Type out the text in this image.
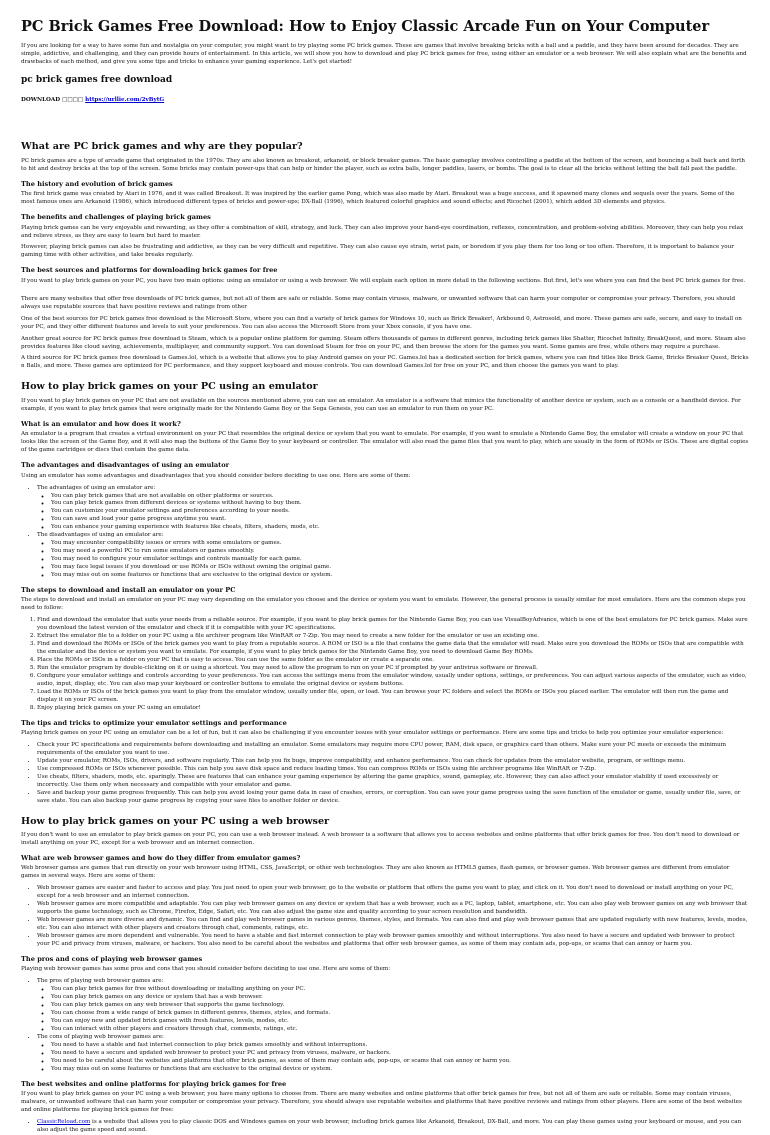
PC Brick Games Free Download: How to Enjoy Classic Arcade Fun on Your Computer

If you are looking for a way to have some fun and nostalgia on your computer, you might want to try playing some PC brick games. These are games that involve breaking bricks with a ball and a paddle, and they have been around for decades. They are simple, addictive, and challenging, and they can provide hours of entertainment. In this article, we will show you how to download and play PC brick games for free, using either an emulator or a web browser. We will also explain what are the benefits and drawbacks of each method, and give you some tips and tricks to enhance your gaming experience. Let's get started!

pc brick games free download
DOWNLOAD □□□□ https://urllie.com/2vBytG
What are PC brick games and why are they popular?

PC brick games are a type of arcade game that originated in the 1970s. They are also known as breakout, arkanoid, or block breaker games. The basic gameplay involves controlling a paddle at the bottom of the screen, and bouncing a ball back and forth to hit and destroy bricks at the top of the screen. Some bricks may contain power-ups that can help or hinder the player, such as extra balls, longer paddles, lasers, or bombs. The goal is to clear all the bricks without letting the ball fall past the paddle.

The history and evolution of brick games

The first brick game was created by Atari in 1976, and it was called Breakout. It was inspired by the earlier game Pong, which was also made by Atari. Breakout was a huge success, and it spawned many clones and sequels over the years. Some of the most famous ones are Arkanoid (1986), which introduced different types of bricks and power-ups; DX-Ball (1996), which featured colorful graphics and sound effects; and Ricochet (2001), which added 3D elements and physics.

The benefits and challenges of playing brick games

Playing brick games can be very enjoyable and rewarding, as they offer a combination of skill, strategy, and luck. They can also improve your hand-eye coordination, reflexes, concentration, and problem-solving abilities. Moreover, they can help you relax and relieve stress, as they are easy to learn but hard to master.

However, playing brick games can also be frustrating and addictive, as they can be very difficult and repetitive. They can also cause eye strain, wrist pain, or boredom if you play them for too long or too often. Therefore, it is important to balance your gaming time with other activities, and take breaks regularly.

The best sources and platforms for downloading brick games for free

If you want to play brick games on your PC, you have two main options: using an emulator or using a web browser. We will explain each option in more detail in the following sections. But first, let's see where you can find the best PC brick games for free.

There are many websites that offer free downloads of PC brick games, but not all of them are safe or reliable. Some may contain viruses, malware, or unwanted software that can harm your computer or compromise your privacy. Therefore, you should always use reputable sources that have positive reviews and ratings from other

One of the best sources for PC brick games free download is the Microsoft Store, where you can find a variety of brick games for Windows 10, such as Brick Breaker!, Arkbound 0, Astrosold, and more. These games are safe, secure, and easy to install on your PC, and they offer different features and levels to suit your preferences. You can also access the Microsoft Store from your Xbox console, if you have one.

Another great source for PC brick games free download is Steam, which is a popular online platform for gaming. Steam offers thousands of games in different genres, including brick games like Shatter, Ricochet Infinity, BreakQuest, and more. Steam also provides features like cloud saving, achievements, multiplayer, and community support. You can download Steam for free on your PC, and then browse the store for the games you want. Some games are free, while others may require a purchase.

A third source for PC brick games free download is Games.lol, which is a website that allows you to play Android games on your PC. Games.lol has a dedicated section for brick games, where you can find titles like Brick Game, Bricks Breaker Quest, Bricks n Balls, and more. These games are optimized for PC performance, and they support keyboard and mouse controls. You can download Games.lol for free on your PC, and then choose the games you want to play.

How to play brick games on your PC using an emulator

If you want to play brick games on your PC that are not available on the sources mentioned above, you can use an emulator. An emulator is a software that mimics the functionality of another device or system, such as a console or a handheld device. For example, if you want to play brick games that were originally made for the Nintendo Game Boy or the Sega Genesis, you can use an emulator to run them on your PC.

What is an emulator and how does it work?

An emulator is a program that creates a virtual environment on your PC that resembles the original device or system that you want to emulate. For example, if you want to emulate a Nintendo Game Boy, the emulator will create a window on your PC that looks like the screen of the Game Boy, and it will also map the buttons of the Game Boy to your keyboard or controller. The emulator will also read the game files that you want to play, which are usually in the form of ROMs or ISOs. These are digital copies of the game cartridges or discs that contain the game data.

The advantages and disadvantages of using an emulator

Using an emulator has some advantages and disadvantages that you should consider before deciding to use one. Here are some of them:

• The advantages of using an emulator are:
◦ You can play brick games that are not available on other platforms or sources.
◦ You can play brick games from different devices or systems without having to buy them.
◦ You can customize your emulator settings and preferences according to your needs.
◦ You can save and load your game progress anytime you want.
◦ You can enhance your gaming experience with features like cheats, filters, shaders, mods, etc.
• The disadvantages of using an emulator are:
◦ You may encounter compatibility issues or errors with some emulators or games.
◦ You may need a powerful PC to run some emulators or games smoothly.
◦ You may need to configure your emulator settings and controls manually for each game.
◦ You may face legal issues if you download or use ROMs or ISOs without owning the original game.
◦ You may miss out on some features or functions that are exclusive to the original device or system.
The steps to download and install an emulator on your PC

The steps to download and install an emulator on your PC may vary depending on the emulator you choose and the device or system you want to emulate. However, the general process is usually similar for most emulators. Here are the common steps you need to follow:

1. Find and download the emulator that suits your needs from a reliable source. For example, if you want to play brick games for the Nintendo Game Boy, you can use VisualBoyAdvance, which is one of the best emulators for PC brick games. Make sure you download the latest version of the emulator and check if it is compatible with your PC specifications.
2. Extract the emulator file to a folder on your PC using a file archiver program like WinRAR or 7-Zip. You may need to create a new folder for the emulator or use an existing one.
3. Find and download the ROMs or ISOs of the brick games you want to play from a reputable source. A ROM or ISO is a file that contains the game data that the emulator will read. Make sure you download the ROMs or ISOs that are compatible with the emulator and the device or system you want to emulate. For example, if you want to play brick games for the Nintendo Game Boy, you need to download Game Boy ROMs.
4. Place the ROMs or ISOs in a folder on your PC that is easy to access. You can use the same folder as the emulator or create a separate one.
5. Run the emulator program by double-clicking on it or using a shortcut. You may need to allow the program to run on your PC if prompted by your antivirus software or firewall.
6. Configure your emulator settings and controls according to your preferences. You can access the settings menu from the emulator window, usually under options, settings, or preferences. You can adjust various aspects of the emulator, such as video, audio, input, display, etc. You can also map your keyboard or controller buttons to emulate the original device or system buttons.
7. Load the ROMs or ISOs of the brick games you want to play from the emulator window, usually under file, open, or load. You can browse your PC folders and select the ROMs or ISOs you placed earlier. The emulator will then run the game and display it on your PC screen.
8. Enjoy playing brick games on your PC using an emulator!
The tips and tricks to optimize your emulator settings and performance

Playing brick games on your PC using an emulator can be a lot of fun, but it can also be challenging if you encounter issues with your emulator settings or performance. Here are some tips and tricks to help you optimize your emulator experience:

• Check your PC specifications and requirements before downloading and installing an emulator. Some emulators may require more CPU power, RAM, disk space, or graphics card than others. Make sure your PC meets or exceeds the minimum requirements of the emulator you want to use.
• Update your emulator, ROMs, ISOs, drivers, and software regularly. This can help you fix bugs, improve compatibility, and enhance performance. You can check for updates from the emulator website, program, or settings menu.
• Use compressed ROMs or ISOs whenever possible. This can help you save disk space and reduce loading times. You can compress ROMs or ISOs using file archiver programs like WinRAR or 7-Zip.
• Use cheats, filters, shaders, mods, etc. sparingly. These are features that can enhance your gaming experience by altering the game graphics, sound, gameplay, etc. However, they can also affect your emulator stability if used excessively or incorrectly. Use them only when necessary and compatible with your emulator and game.
• Save and backup your game progress frequently. This can help you avoid losing your game data in case of crashes, errors, or corruption. You can save your game progress using the save function of the emulator or game, usually under file, save, or save state. You can also backup your game progress by copying your save files to another folder or device.
How to play brick games on your PC using a web browser

If you don't want to use an emulator to play brick games on your PC, you can use a web browser instead. A web browser is a software that allows you to access websites and online platforms that offer brick games for free. You don't need to download or install anything on your PC, except for a web browser and an internet connection.

What are web browser games and how do they differ from emulator games?

Web browser games are games that run directly on your web browser using HTML, CSS, JavaScript, or other web technologies. They are also known as HTML5 games, flash games, or browser games. Web browser games are different from emulator games in several ways. Here are some of them:

• Web browser games are easier and faster to access and play. You just need to open your web browser, go to the website or platform that offers the game you want to play, and click on it. You don't need to download or install anything on your PC, except for a web browser and an internet connection.
• Web browser games are more compatible and adaptable. You can play web browser games on any device or system that has a web browser, such as a PC, laptop, tablet, smartphone, etc. You can also play web browser games on any web browser that supports the game technology, such as Chrome, Firefox, Edge, Safari, etc. You can also adjust the game size and quality according to your screen resolution and bandwidth.
• Web browser games are more diverse and dynamic. You can find and play web browser games in various genres, themes, styles, and formats. You can also find and play web browser games that are updated regularly with new features, levels, modes, etc. You can also interact with other players and creators through chat, comments, ratings, etc.
• Web browser games are more dependent and vulnerable. You need to have a stable and fast internet connection to play web browser games smoothly and without interruptions. You also need to have a secure and updated web browser to protect your PC and privacy from viruses, malware, or hackers. You also need to be careful about the websites and platforms that offer web browser games, as some of them may contain ads, pop-ups, or scams that can annoy or harm you.
The pros and cons of playing web browser games

Playing web browser games has some pros and cons that you should consider before deciding to use one. Here are some of them:

• The pros of playing web browser games are:
◦ You can play brick games for free without downloading or installing anything on your PC.
◦ You can play brick games on any device or system that has a web browser.
◦ You can play brick games on any web browser that supports the game technology.
◦ You can choose from a wide range of brick games in different genres, themes, styles, and formats.
◦ You can enjoy new and updated brick games with fresh features, levels, modes, etc.
◦ You can interact with other players and creators through chat, comments, ratings, etc.
• The cons of playing web browser games are:
◦ You need to have a stable and fast internet connection to play brick games smoothly and without interruptions.
◦ You need to have a secure and updated web browser to protect your PC and privacy from viruses, malware, or hackers.
◦ You need to be careful about the websites and platforms that offer brick games, as some of them may contain ads, pop-ups, or scams that can annoy or harm you.
◦ You may miss out on some features or functions that are exclusive to the original device or system.
The best websites and online platforms for playing brick games for free

If you want to play brick games on your PC using a web browser, you have many options to choose from. There are many websites and online platforms that offer brick games for free, but not all of them are safe or reliable. Some may contain viruses, malware, or unwanted software that can harm your computer or compromise your privacy. Therefore, you should always use reputable websites and platforms that have positive reviews and ratings from other players. Here are some of the best websites and online platforms for playing brick games for free:

• ClassicReload.com is a website that allows you to play classic DOS and Windows games on your web browser, including brick games like Arkanoid, Breakout, DX-Ball, and more. You can play these games using your keyboard or mouse, and you can also adjust the game speed and sound.
